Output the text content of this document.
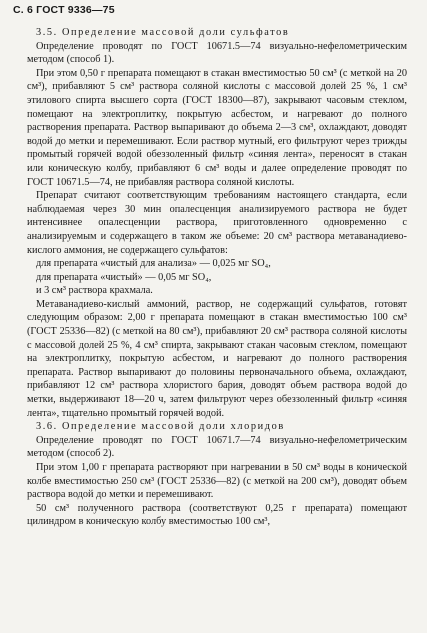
С. 6 ГОСТ 9336—75

3.5. Определение массовой доли сульфатов

Определение проводят по ГОСТ 10671.5—74 визуально-нефелометрическим методом (способ 1).

При этом 0,50 г препарата помещают в стакан вместимостью 50 см³ (с меткой на 20 см³), прибавляют 5 см³ раствора соляной кислоты с массовой долей 25 %, 1 см³ этилового спирта высшего сорта (ГОСТ 18300—87), закрывают часовым стеклом, помещают на электроплитку, покрытую асбестом, и нагревают до полного растворения препарата. Раствор выпаривают до объема 2—3 см³, охлаждают, доводят водой до метки и перемешивают. Если раствор мутный, его фильтруют через трижды промытый горячей водой обеззоленный фильтр «синяя лента», переносят в стакан или коническую колбу, прибавляют 6 см³ воды и далее определение проводят по ГОСТ 10671.5—74, не прибавляя раствора соляной кислоты.

Препарат считают соответствующим требованиям настоящего стандарта, если наблюдаемая через 30 мин опалесценция анализируемого раствора не будет интенсивнее опалесценции раствора, приготовленного одновременно с анализируемым и содержащего в таком же объеме: 20 см³ раствора метаванадиево-кислого аммония, не содержащего сульфатов:

для препарата «чистый для анализа» — 0,025 мг SO₄,

для препарата «чистый» — 0,05 мг SO₄,

и 3 см³ раствора крахмала.

Метаванадиево-кислый аммоний, раствор, не содержащий сульфатов, готовят следующим образом: 2,00 г препарата помещают в стакан вместимостью 100 см³ (ГОСТ 25336—82) (с меткой на 80 см³), прибавляют 20 см³ раствора соляной кислоты с массовой долей 25 %, 4 см³ спирта, закрывают стакан часовым стеклом, помещают на электроплитку, покрытую асбестом, и нагревают до полного растворения препарата. Раствор выпаривают до половины первоначального объема, охлаждают, прибавляют 12 см³ раствора хлористого бария, доводят объем раствора водой до метки, выдерживают 18—20 ч, затем фильтруют через обеззоленный фильтр «синяя лента», тщательно промытый горячей водой.

3.6. Определение массовой доли хлоридов

Определение проводят по ГОСТ 10671.7—74 визуально-нефелометрическим методом (способ 2).

При этом 1,00 г препарата растворяют при нагревании в 50 см³ воды в конической колбе вместимостью 250 см³ (ГОСТ 25336—82) (с меткой на 200 см³), доводят объем раствора водой до метки и перемешивают.

50 см³ полученного раствора (соответствуют 0,25 г препарата) помещают цилиндром в коническую колбу вместимостью 100 см³,
